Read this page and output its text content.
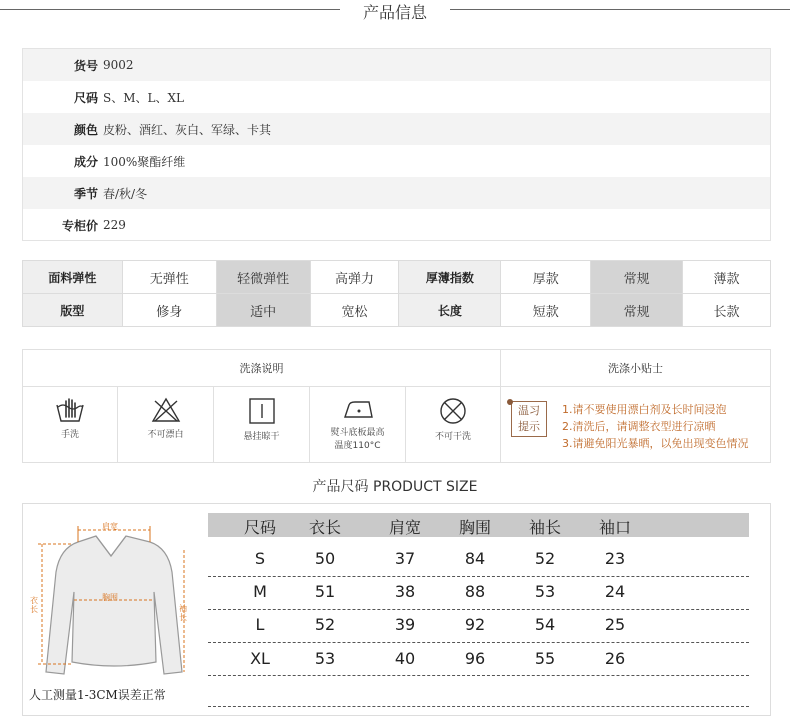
产品信息
货号 9002
尺码 S、M、L、XL
颜色 皮粉、酒红、灰白、军绿、卡其
成分 100%聚酯纤维
季节 春/秋/冬
专柜价 229
面料弹性	无弹性	轻微弹性	高弹力	厚薄指数	厚款	常规	薄款
版型	修身	适中	宽松	长度	短款	常规	长款
洗涤说明	洗涤小贴士
手洗	不可漂白	悬挂晾干	熨斗底板最高
温度110°C
不可干洗
温习
提示
1.请不要使用漂白剂及长时间浸泡
2.清洗后，请调整衣型进行凉晒
3.请避免阳光暴晒，以免出现变色情况
产品尺码 PRODUCT SIZE
肩宽
胸围
衣长	袖长
人工测量1-3CM误差正常
尺码	衣长	肩宽	胸围	袖长	袖口
S	50	37	84	52	23
M	51	38	88	53	24
L	52	39	92	54	25
XL	53	40	96	55	26
